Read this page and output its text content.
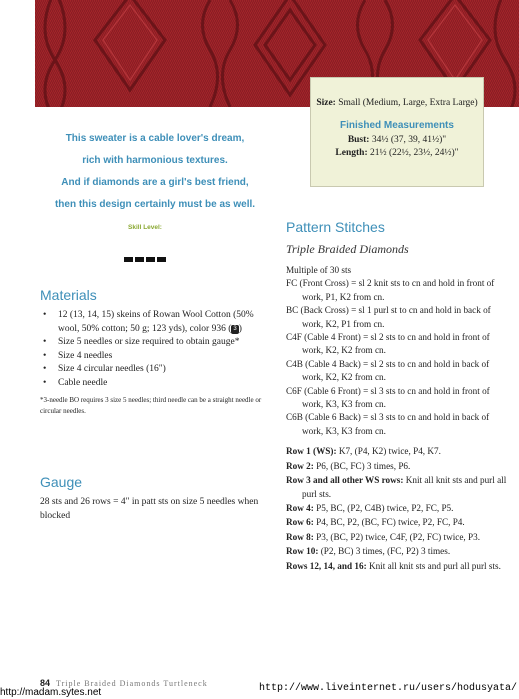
Size: Small (Medium, Large, Extra Large)
Finished Measurements
Bust: 34½ (37, 39, 41½)"
Length: 21½ (22½, 23½, 24½)"
This sweater is a cable lover's dream,
rich with harmonious textures.
And if diamonds are a girl's best friend,
then this design certainly must be as well.
Skill Level:
Materials
• 12 (13, 14, 15) skeins of Rowan Wool Cotton (50% wool, 50% cotton; 50 g; 123 yds), color 936 ( 3 )
• Size 5 needles or size required to obtain gauge*
• Size 4 needles
• Size 4 circular needles (16")
• Cable needle
*3-needle BO requires 3 size 5 needles; third needle can be a straight needle or circular needles.
Gauge
28 sts and 26 rows = 4" in patt sts on size 5 needles when blocked
Pattern Stitches
Triple Braided Diamonds

Multiple of 30 sts

FC (Front Cross) = sl 2 knit sts to cn and hold in front of work, P1, K2 from cn.

BC (Back Cross) = sl 1 purl st to cn and hold in back of work, K2, P1 from cn.

C4F (Cable 4 Front) = sl 2 sts to cn and hold in front of work, K2, K2 from cn.

C4B (Cable 4 Back) = sl 2 sts to cn and hold in back of work, K2, K2 from cn.

C6F (Cable 6 Front) = sl 3 sts to cn and hold in front of work, K3, K3 from cn.

C6B (Cable 6 Back) = sl 3 sts to cn and hold in back of work, K3, K3 from cn.

Row 1 (WS): K7, (P4, K2) twice, P4, K7.

Row 2: P6, (BC, FC) 3 times, P6.

Row 3 and all other WS rows: Knit all knit sts and purl all purl sts.

Row 4: P5, BC, (P2, C4B) twice, P2, FC, P5.

Row 6: P4, BC, P2, (BC, FC) twice, P2, FC, P4.

Row 8: P3, (BC, P2) twice, C4F, (P2, FC) twice, P3.

Row 10: (P2, BC) 3 times, (FC, P2) 3 times.

Rows 12, 14, and 16: Knit all knit sts and purl all purl sts.

84 Triple Braided Diamonds Turtleneck
http://madam.sytes.net	http://www.liveinternet.ru/users/hodusyata/
